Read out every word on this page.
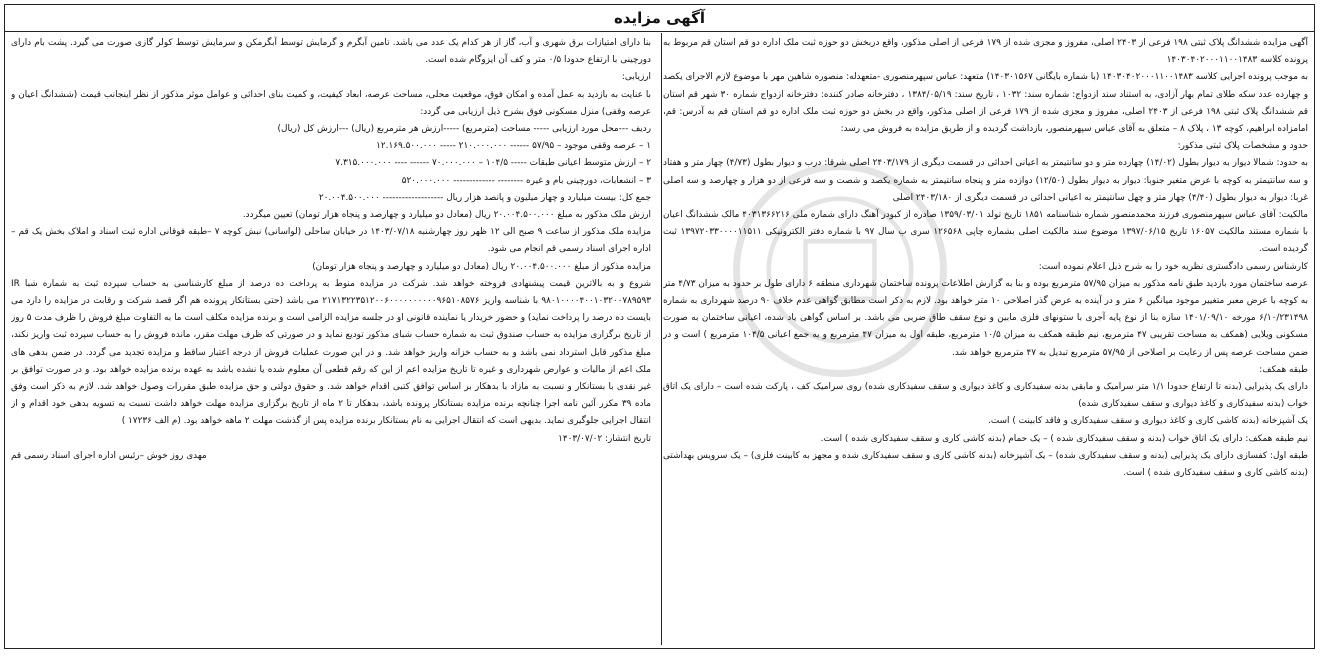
آگهی مزایده

آگهی مزایده ششدانگ پلاک ثبتی ۱۹۸ فرعی از ۲۴۰۳ اصلی، مفروز و مجزی شده از ۱۷۹ فرعی از اصلی مذکور، واقع دربخش دو حوزه ثبت ملک اداره دو قم استان قم مربوط به پرونده کلاسه ۱۴۰۳۰۴۰۲۰۰۰۱۱۰۰۱۴۸۳

به موجب پرونده اجرایی کلاسه ۱۴۰۳۰۴۰۲۰۰۰۱۱۰۰۱۴۸۳ (با شماره بایگانی ۱۴۰۳۰۱۵۶۷) متعهد: عباس سپهرمنصوری -متعهدله: منصوره شاهین مهر با موضوع لازم الاجرای یکصد و چهارده عدد سکه طلای تمام بهار آزادی، به استناد سند ازدواج: شماره سند: ۱۰۳۲ ، تاریخ سند: ۱۳۸۴/۰۵/۱۹ ، دفترخانه صادر کننده: دفترخانه ازدواج شماره ۳۰ شهر قم استان قم ششدانگ پلاک ثبتی ۱۹۸ فرعی از ۲۴۰۳ اصلی، مفروز و مجزی شده از ۱۷۹ فرعی از اصلی مذکور، واقع در بخش دو حوزه ثبت ملک اداره دو قم استان قم به آدرس: قم، امامزاده ابراهیم، کوچه ۱۳ ، پلاک ۸ – متعلق به آقای عباس سپهرمنصور، بازداشت گردیده و از طریق مزایده به فروش می رسد:

حدود و مشخصات پلاک ثبتی مذکور:

به حدود: شمالا دیوار به دیوار بطول (۱۴/۰۲) چهارده متر و دو سانتیمتر به اعیانی احداثی در قسمت دیگری از ۲۴۰۳/۱۷۹ اصلی شرقا: درب و دیوار بطول (۴/۷۳) چهار متر و هفتاد و سه سانتیمتر به کوچه با عرض متغیر جنوبا: دیوار به دیوار بطول (۱۲/۵۰) دوازده متر و پنجاه سانتیمتر به شماره یکصد و شصت و سه فرعی از دو هزار و چهارصد و سه اصلی غربا: دیوار به دیوار بطول (۴/۴۰) چهار متر و چهل سانتیمتر به اعیانی احداثی در قسمت دیگری از ۲۴۰۳/۱۸۰ اصلی

مالکیت: آقای عباس سپهرمنصوری فرزند محمدمنصور شماره شناسنامه ۱۸۵۱ تاریخ تولد ۱۳۵۹/۰۳/۰۱ صادره از کبودر آهنگ دارای شماره ملی ۴۰۳۱۳۶۶۲۱۶ مالک ششدانگ اعیان با شماره مستند مالکیت ۱۶۰۵۷ تاریخ ۱۳۹۷/۰۶/۱۵ موضوع سند مالکیت اصلی بشماره چاپی ۱۲۶۵۶۸ سری ب سال ۹۷ با شماره دفتر الکترونیکی ۱۳۹۷۲۰۳۳۰۰۰۰۱۱۵۱۱ ثبت گردیده است.

کارشناس رسمی دادگستری نظریه خود را به شرح ذیل اعلام نموده است:

عرصه ساختمان مورد بازدید طبق نامه مذکور به میزان ۵۷/۹۵ مترمربع بوده و بنا به گزارش اطلاعات پرونده ساختمان شهرداری منطقه ۶ دارای طول بر حدود به میزان ۴/۷۳ متر به کوچه با عرض معبر متغییر موجود میانگین ۶ متر و در آینده به عرض گذر اصلاحی ۱۰ متر خواهد بود. لازم به ذکر است مطابق گواهی عدم خلاف ۹۰ درصد شهرداری به شماره ۶/۱۰/۲۳۱۴۹۸ مورخه ۱۴۰۱/۰۹/۱۰ سازه بنا از نوع پایه آجری با ستونهای فلزی مابین و نوع سقف طاق ضربی می باشد. بر اساس گواهی یاد شده، اعیانی ساختمان به صورت مسکونی ویلایی (همکف به مساحت تقریبی ۴۷ مترمربع، نیم طبقه همکف به میزان ۱۰/۵ مترمربع، طبقه اول به میزان ۴۷ مترمربع و به جمع اعیانی ۱۰۴/۵ مترمربع ) است و در ضمن مساحت عرصه پس از رعایت بر اصلاحی از ۵۷/۹۵ مترمربع تبدیل به ۴۷ مترمربع خواهد شد.

طبقه همکف:

دارای یک پذیرایی (بدنه تا ارتفاع حدودا ۱/۱ متر سرامیک و مابقی بدنه سفیدکاری و کاغذ دیواری و سقف سفیدکاری شده) روی سرامیک کف ، پارکت شده است – دارای یک اتاق خواب (بدنه سفیدکاری و کاغذ دیواری و سقف سفیدکاری شده)

یک آشپزخانه (بدنه کاشی کاری و کاغذ دیواری و سقف سفیدکاری و فاقد کابینت ) است.

نیم طبقه همکف: دارای یک اتاق خواب (بدنه و سقف سفیدکاری شده ) – یک حمام (بدنه کاشی کاری و سقف سفیدکاری شده ) است.

طبقه اول: کفسازی دارای یک پذیرایی (بدنه و سقف سفیدکاری شده) – یک آشپزخانه (بدنه کاشی کاری و سقف سفیدکاری شده و مجهز به کابینت فلزی) – یک سرویس بهداشتی (بدنه کاشی کاری و سقف سفیدکاری شده ) است.

بنا دارای امتیازات برق شهری و آب، گاز از هر کدام یک عدد می باشد. تامین آبگرم و گرمایش توسط آبگرمکن و سرمایش توسط کولر گازی صورت می گیرد. پشت بام دارای دورچینی با ارتفاع حدودا ۰/۵ متر و کف آن ایزوگام شده است.

ارزیابی:

با عنایت به بازدید به عمل آمده و امکان فوق، موقعیت محلی، مساحت عرصه، ابعاد کیفیت، و کمیت بنای احداثی و عوامل موثر مذکور از نظر اینجانب قیمت (ششدانگ اعیان و عرصه وقفی) منزل مسکونی فوق بشرح ذیل ارزیابی می گردد:

ردیف ---محل مورد ارزیابی ----- مساحت (مترمربع) -----ارزش هر مترمربع (ریال) ---ارزش کل (ریال)

۱ – عرصه وقفی موجود – ۵۷/۹۵ ------ ۲۱۰.۰۰۰.۰۰۰ ----- ۱۲.۱۶۹.۵۰۰.۰۰۰

۲ – ارزش متوسط اعیانی طبقات ----- ۱۰۴/۵ – ۷۰.۰۰۰.۰۰۰ ------ ---- ۷.۳۱۵.۰۰۰.۰۰۰

۳ – انشعابات، دورچینی بام و غیره -------- ------------- ۵۲۰.۰۰۰.۰۰۰

جمع کل: بیست میلیارد و چهار میلیون و پانصد هزار ریال ------------------- ۲۰.۰۰۴.۵۰۰.۰۰۰

ارزش ملک مذکور به مبلغ ۲۰.۰۰۴.۵۰۰.۰۰۰ ریال (معادل دو میلیارد و چهارصد و پنجاه هزار تومان) تعیین میگردد.

مزایده ملک مذکور از ساعت ۹ صبح الی ۱۲ ظهر روز چهارشنبه ۱۴۰۳/۰۷/۱۸ در خیابان ساحلی (لواسانی) نبش کوچه ۷ –طبقه فوقانی اداره ثبت اسناد و املاک بخش یک قم –اداره اجرای اسناد رسمی قم انجام می شود.

مزایده مذکور از مبلغ ۲۰.۰۰۴.۵۰۰.۰۰۰ ریال (معادل دو میلیارد و چهارصد و پنجاه هزار تومان)

شروع و به بالاترین قیمت پیشنهادی فروخته خواهد شد. شرکت در مزایده منوط به پرداخت ده درصد از مبلغ کارشناسی به حساب سپرده ثبت به شماره شبا IR ۹۸۰۱۰۰۰۰۴۰۰۱۰۳۲۰۰۷۸۹۵۹۳ با شناسه واریز ۲۱۷۱۳۲۲۳۵۱۲۰۰۶۰۰۰۰۰۰۰۰۰۰۹۶۵۱۰۸۵۷۶ می باشد (حتی بستانکار پرونده هم اگر قصد شرکت و رقابت در مزایده را دارد می بایست ده درصد را پرداخت نماید) و حضور خریدار یا نماینده قانونی او در جلسه مزایده الزامی است و برنده مزایده مکلف است ما به التفاوت مبلغ فروش را ظرف مدت ۵ روز از تاریخ برگزاری مزایده به حساب صندوق ثبت به شماره حساب شبای مذکور تودیع نماید و در صورتی که ظرف مهلت مقرر، مانده فروش را به حساب سپرده ثبت واریز نکند، مبلغ مذکور قابل استرداد نمی باشد و به حساب خزانه واریز خواهد شد. و در این صورت عملیات فروش از درجه اعتبار ساقط و مزایده تجدید می گردد. در ضمن بدهی های ملک اعم از مالیات و عوارض شهرداری و غیره تا تاریخ مزایده اعم از این که رقم قطعی آن معلوم شده یا نشده باشد به عهده برنده مزایده خواهد بود. و در صورت توافق بر غیر نقدی با بستانکار و نسبت به مازاد با بدهکار بر اساس توافق کتبی اقدام خواهد شد. و حقوق دولتی و حق مزایده طبق مقررات وصول خواهد شد. لازم به ذکر است وفق ماده ۳۹ مکرر آئین نامه اجرا چنانچه برنده مزایده بستانکار پرونده باشد، بدهکار تا ۲ ماه از تاریخ برگزاری مزایده مهلت خواهد داشت نسبت به تسویه بدهی خود اقدام و از انتقال اجرایی جلوگیری نماید. بدیهی است که انتقال اجرایی به نام بستانکار برنده مزایده پس از گذشت مهلت ۲ ماهه خواهد بود. (م الف ۱۷۲۳۶ )

تاریخ انتشار: ۱۴۰۳/۰۷/۰۲

مهدی روز خوش –رئیس اداره اجرای اسناد رسمی قم
